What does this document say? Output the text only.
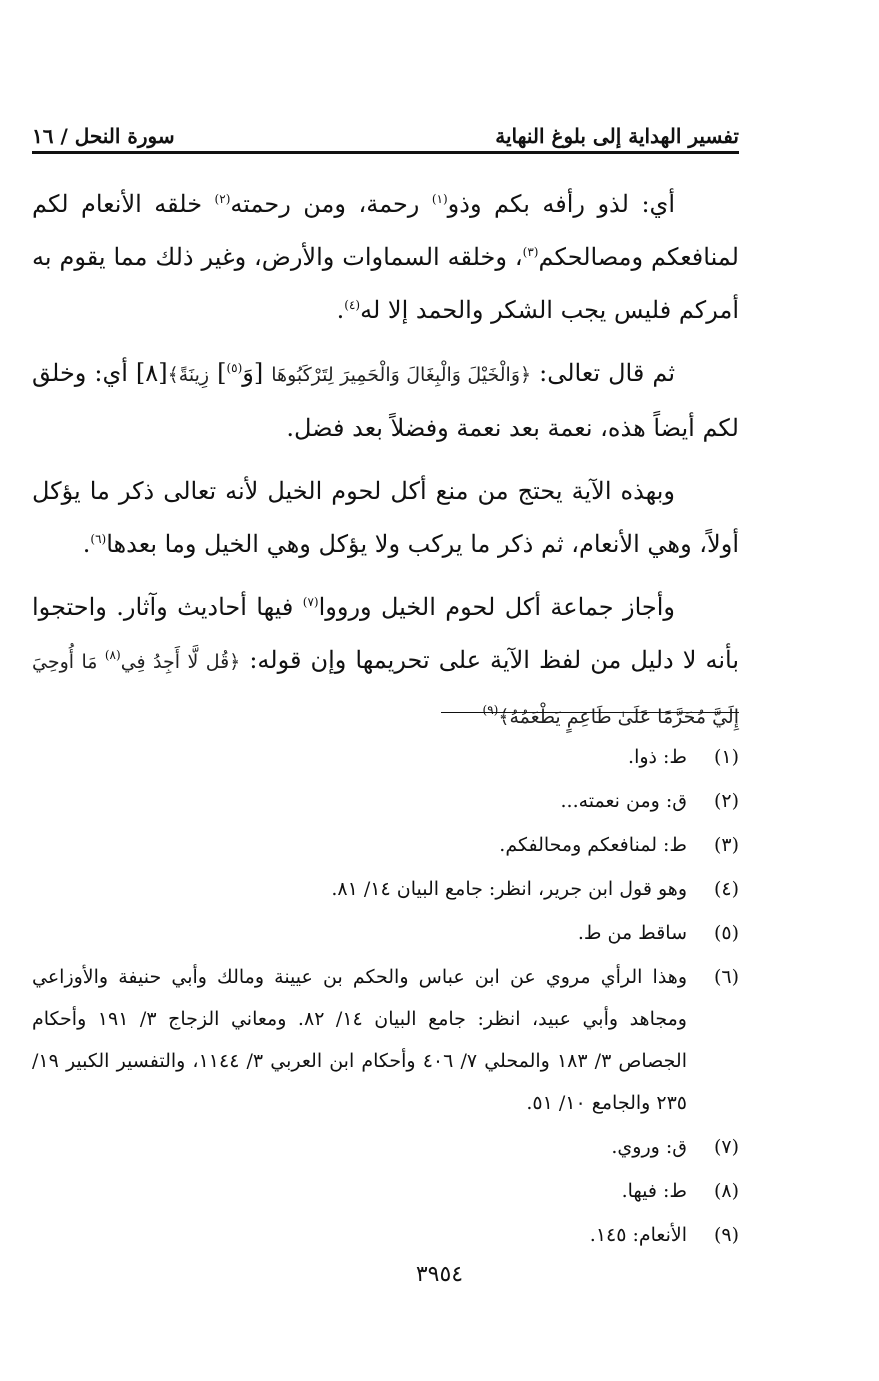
تفسير الهداية إلى بلوغ النهاية
سورة النحل / ١٦

أي: لذو رأفه بكم وذو$^{(١)}$ رحمة، ومن رحمته$^{(٢)}$ خلقه الأنعام لكم لمنافعكم ومصالحكم$^{(٣)}$، وخلقه السماوات والأرض، وغير ذلك مما يقوم به أمركم فليس يجب الشكر والحمد إلا له$^{(٤)}$.

ثم قال تعالى: ﴿وَالْخَيْلَ وَالْبِغَالَ وَالْحَمِيرَ لِتَرْكَبُوهَا [وَ$^{(٥)}$] زِينَةً﴾[٨] أي: وخلق لكم أيضاً هذه، نعمة بعد نعمة وفضلاً بعد فضل.

وبهذه الآية يحتج من منع أكل لحوم الخيل لأنه تعالى ذكر ما يؤكل أولاً، وهي الأنعام، ثم ذكر ما يركب ولا يؤكل وهي الخيل وما بعدها$^{(٦)}$.

وأجاز جماعة أكل لحوم الخيل ورووا$^{(٧)}$ فيها أحاديث وآثار. واحتجوا بأنه لا دليل من لفظ الآية على تحريمها وإن قوله: ﴿قُل لَّا أَجِدُ فِي$^{(٨)}$ مَا أُوحِيَ إِلَيَّ مُحَرَّمًا عَلَىٰ طَاعِمٍ يَطْعَمُهُ﴾$^{(٩)}$

(١)
ط: ذوا.
(٢)
ق: ومن نعمته...
(٣)
ط: لمنافعكم ومحالفكم.
(٤)
وهو قول ابن جرير، انظر: جامع البيان ١٤/ ٨١.
(٥)
ساقط من ط.
(٦)
وهذا الرأي مروي عن ابن عباس والحكم بن عيينة ومالك وأبي حنيفة والأوزاعي ومجاهد وأبي عبيد، انظر: جامع البيان ١٤/ ٨٢. ومعاني الزجاج ٣/ ١٩١ وأحكام الجصاص ٣/ ١٨٣ والمحلي ٧/ ٤٠٦ وأحكام ابن العربي ٣/ ١١٤٤، والتفسير الكبير ١٩/ ٢٣٥ والجامع ١٠/ ٥١.
(٧)
ق: وروي.
(٨)
ط: فيها.
(٩)
الأنعام: ١٤٥.
٣٩٥٤
